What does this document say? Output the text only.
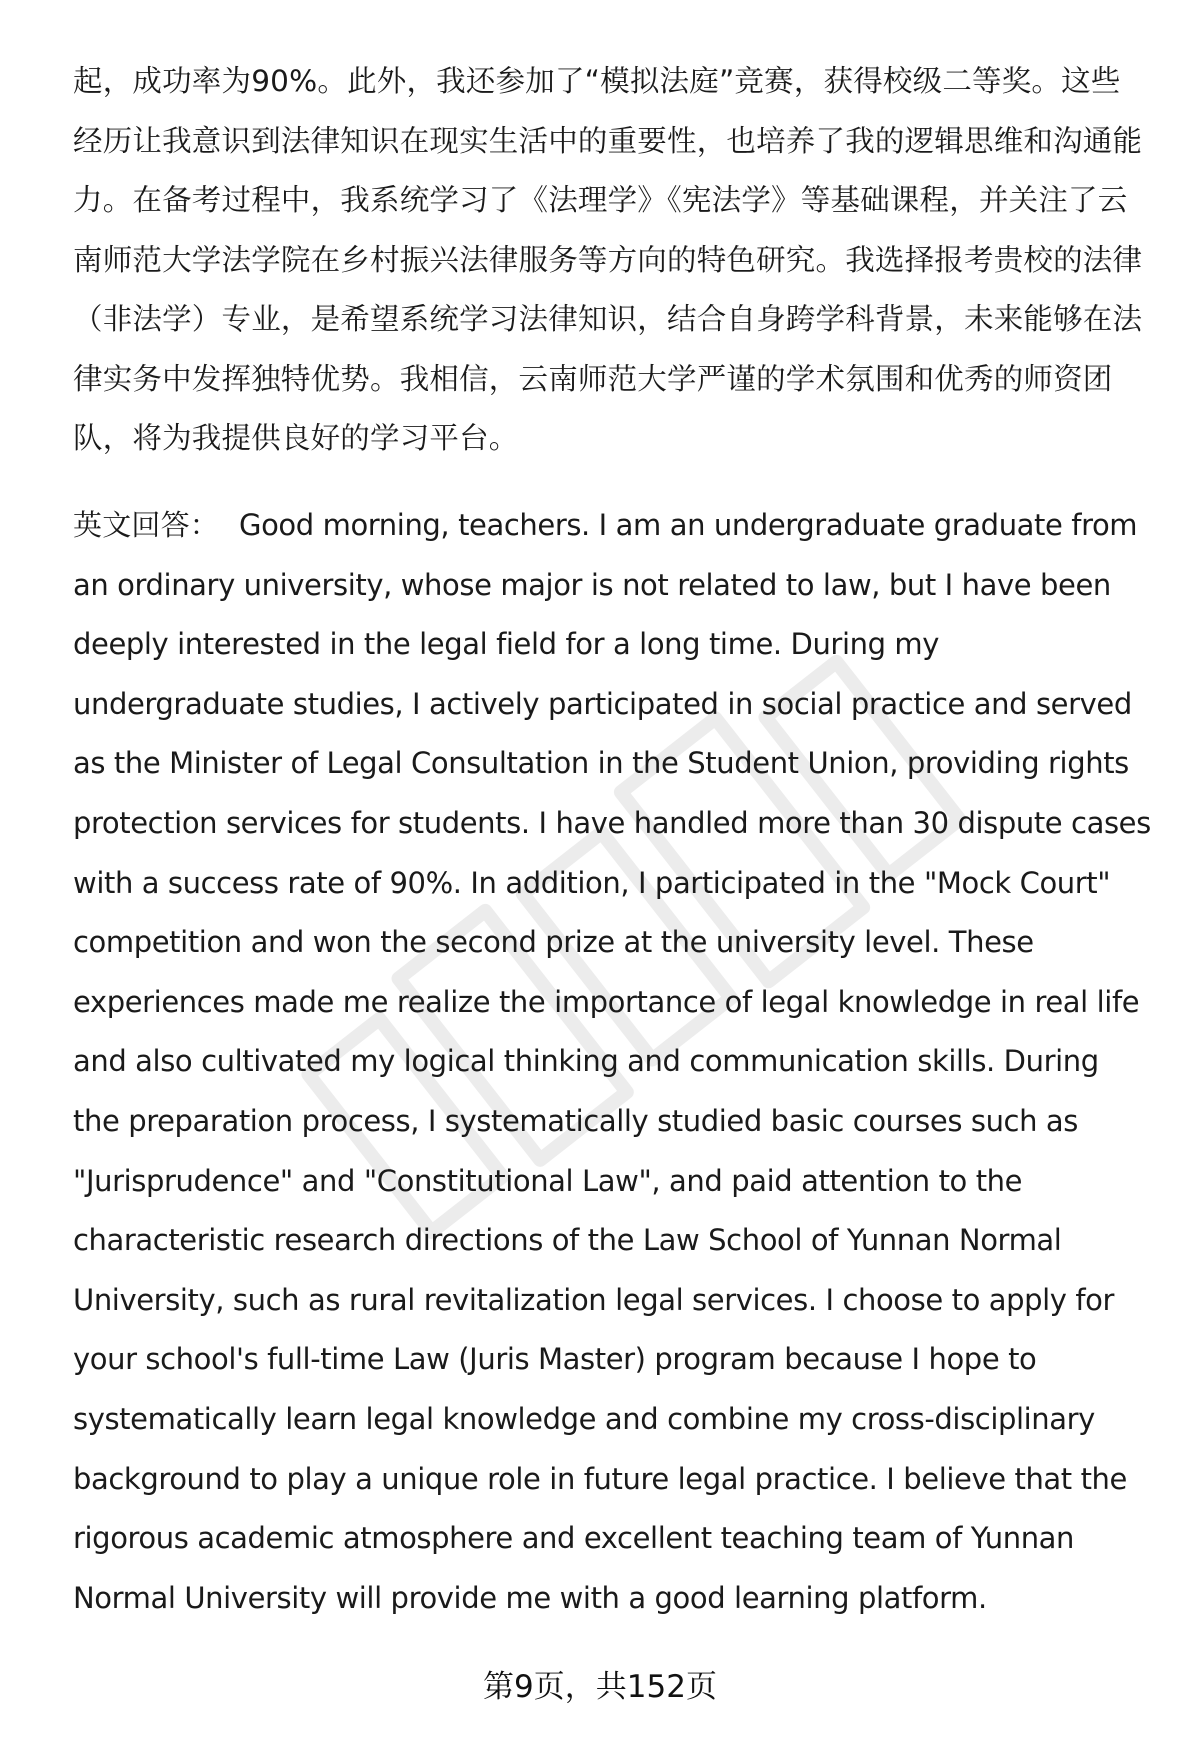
起，成功率为90%。此外，我还参加了“模拟法庭”竞赛，获得校级二等奖。这些
经历让我意识到法律知识在现实生活中的重要性，也培养了我的逻辑思维和沟通能
力。在备考过程中，我系统学习了《法理学》《宪法学》等基础课程，并关注了云
南师范大学法学院在乡村振兴法律服务等方向的特色研究。我选择报考贵校的法律
（非法学）专业，是希望系统学习法律知识，结合自身跨学科背景，未来能够在法
律实务中发挥独特优势。我相信，云南师范大学严谨的学术氛围和优秀的师资团
队，将为我提供良好的学习平台。
英文回答： Good morning, teachers. I am an undergraduate graduate from
an ordinary university, whose major is not related to law, but I have been
deeply interested in the legal field for a long time. During my
undergraduate studies, I actively participated in social practice and served
as the Minister of Legal Consultation in the Student Union, providing rights
protection services for students. I have handled more than 30 dispute cases
with a success rate of 90%. In addition, I participated in the "Mock Court"
competition and won the second prize at the university level. These
experiences made me realize the importance of legal knowledge in real life
and also cultivated my logical thinking and communication skills. During
the preparation process, I systematically studied basic courses such as
"Jurisprudence" and "Constitutional Law", and paid attention to the
characteristic research directions of the Law School of Yunnan Normal
University, such as rural revitalization legal services. I choose to apply for
your school's full-time Law (Juris Master) program because I hope to
systematically learn legal knowledge and combine my cross-disciplinary
background to play a unique role in future legal practice. I believe that the
rigorous academic atmosphere and excellent teaching team of Yunnan
Normal University will provide me with a good learning platform.
第9页，共152页
